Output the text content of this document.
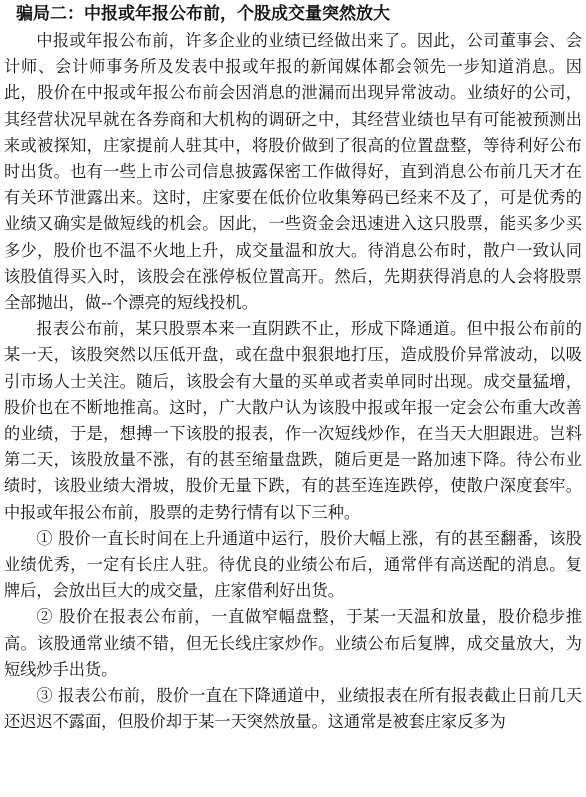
骗局二：中报或年报公布前，个股成交量突然放大

中报或年报公布前，许多企业的业绩已经做出来了。因此，公司董事会、会计师、会计师事务所及发表中报或年报的新闻媒体都会领先一步知道消息。因此，股价在中报或年报公布前会因消息的泄漏而出现异常波动。业绩好的公司，其经营状况早就在各券商和大机构的调研之中，其经营业绩也早有可能被预测出来或被探知，庄家提前人驻其中，将股价做到了很高的位置盘整，等待利好公布时出货。也有一些上市公司信息披露保密工作做得好，直到消息公布前几天才在有关环节泄露出来。这时，庄家要在低价位收集筹码已经来不及了，可是优秀的业绩又确实是做短线的机会。因此，一些资金会迅速进入这只股票，能买多少买多少，股价也不温不火地上升，成交量温和放大。待消息公布时，散户一致认同该股值得买入时，该股会在涨停板位置高开。然后，先期获得消息的人会将股票全部抛出，做--个漂亮的短线投机。

报表公布前，某只股票本来一直阴跌不止，形成下降通道。但中报公布前的某一天，该股突然以压低开盘，或在盘中狠狠地打压，造成股价异常波动，以吸引市场人士关注。随后，该股会有大量的买单或者卖单同时出现。成交量猛增，股价也在不断地推高。这时，广大散户认为该股中报或年报一定会公布重大改善的业绩，于是，想搏一下该股的报表，作一次短线炒作，在当天大胆跟进。岂料第二天，该股放量不涨，有的甚至缩量盘跌，随后更是一路加速下降。待公布业绩时，该股业绩大滑坡，股价无量下跌，有的甚至连连跌停，使散户深度套牢。中报或年报公布前，股票的走势行情有以下三种。

① 股价一直长时间在上升通道中运行，股价大幅上涨，有的甚至翻番，该股业绩优秀，一定有长庄人驻。待优良的业绩公布后，通常伴有高送配的消息。复牌后，会放出巨大的成交量，庄家借利好出货。

② 股价在报表公布前，一直做窄幅盘整，于某一天温和放量，股价稳步推高。该股通常业绩不错，但无长线庄家炒作。业绩公布后复牌，成交量放大，为短线炒手出货。

③ 报表公布前，股价一直在下降通道中，业绩报表在所有报表截止日前几天还迟迟不露面，但股价却于某一天突然放量。这通常是被套庄家反多为
